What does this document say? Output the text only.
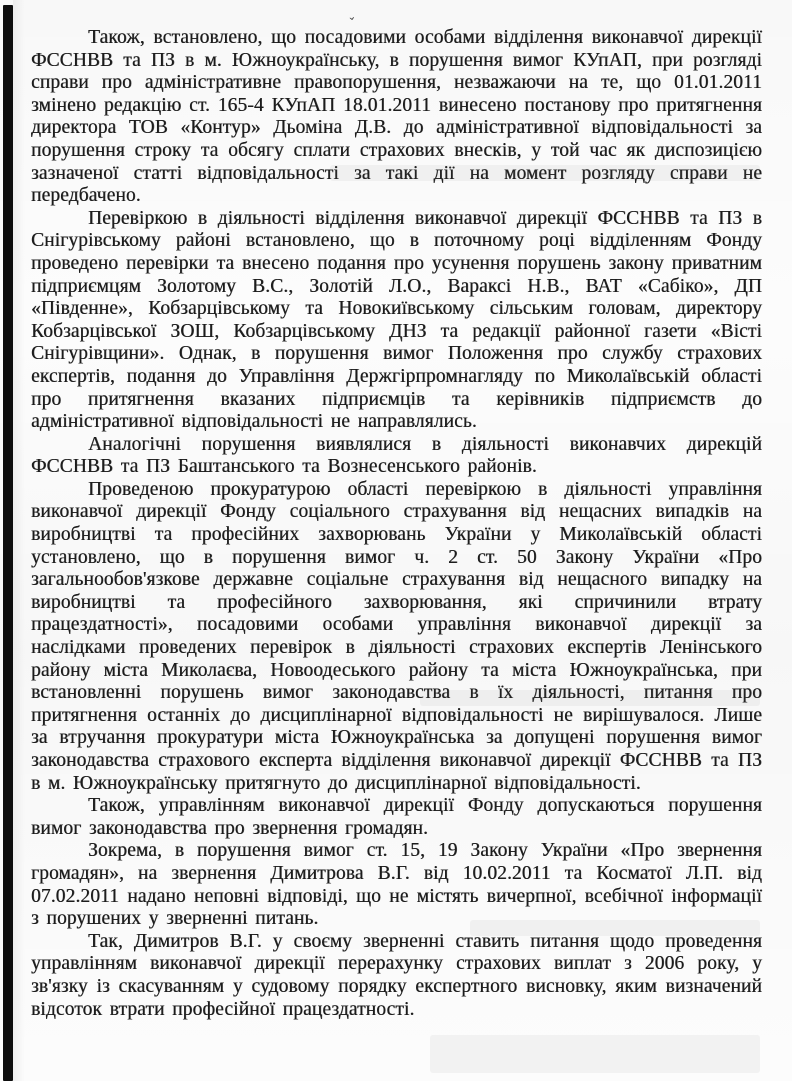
ˇ

Також, встановлено, що посадовими особами відділення виконавчої дирекції ФССНВВ та ПЗ в м. Южноукраїнську, в порушення вимог КУпАП, при розгляді справи про адміністративне правопорушення, незважаючи на те, що 01.01.2011 змінено редакцію ст. 165-4 КУпАП 18.01.2011 винесено постанову про притягнення директора ТОВ «Контур» Дьоміна Д.В. до адміністративної відповідальності за порушення строку та обсягу сплати страхових внесків, у той час як диспозицією зазначеної статті відповідальності за такі дії на момент розгляду справи не передбачено.

Перевіркою в діяльності відділення виконавчої дирекції ФССНВВ та ПЗ в Снігурівському районі встановлено, що в поточному році відділенням Фонду проведено перевірки та внесено подання про усунення порушень закону приватним підприємцям Золотому В.С., Золотій Л.О., Вараксі Н.В., ВАТ «Сабіко», ДП «Південне», Кобзарцівському та Новокиївському сільським головам, директору Кобзарцівської ЗОШ, Кобзарцівському ДНЗ та редакції районної газети «Вісті Снігурівщини». Однак, в порушення вимог Положення про службу страхових експертів, подання до Управління Держгірпромнагляду по Миколаївській області про притягнення вказаних підприємців та керівників підприємств до адміністративної відповідальності не направлялись.

Аналогічні порушення виявлялися в діяльності виконавчих дирекцій ФССНВВ та ПЗ Баштанського та Вознесенського районів.

Проведеною прокуратурою області перевіркою в діяльності управління виконавчої дирекції Фонду соціального страхування від нещасних випадків на виробництві та професійних захворювань України у Миколаївській області установлено, що в порушення вимог ч. 2 ст. 50 Закону України «Про загальнообов'язкове державне соціальне страхування від нещасного випадку на виробництві та професійного захворювання, які спричинили втрату працездатності», посадовими особами управління виконавчої дирекції за наслідками проведених перевірок в діяльності страхових експертів Ленінського району міста Миколаєва, Новоодеського району та міста Южноукраїнська, при встановленні порушень вимог законодавства в їх діяльності, питання про притягнення останніх до дисциплінарної відповідальності не вирішувалося. Лише за втручання прокуратури міста Южноукраїнська за допущені порушення вимог законодавства страхового експерта відділення виконавчої дирекції ФССНВВ та ПЗ в м. Южноукраїнську притягнуто до дисциплінарної відповідальності.

Також, управлінням виконавчої дирекції Фонду допускаються порушення вимог законодавства про звернення громадян.

Зокрема, в порушення вимог ст. 15, 19 Закону України «Про звернення громадян», на звернення Димитрова В.Г. від 10.02.2011 та Косматої Л.П. від 07.02.2011 надано неповні відповіді, що не містять вичерпної, всебічної інформації з порушених у зверненні питань.

Так, Димитров В.Г. у своєму зверненні ставить питання щодо проведення управлінням виконавчої дирекції перерахунку страхових виплат з 2006 року, у зв'язку із скасуванням у судовому порядку експертного висновку, яким визначений відсоток втрати професійної працездатності.
